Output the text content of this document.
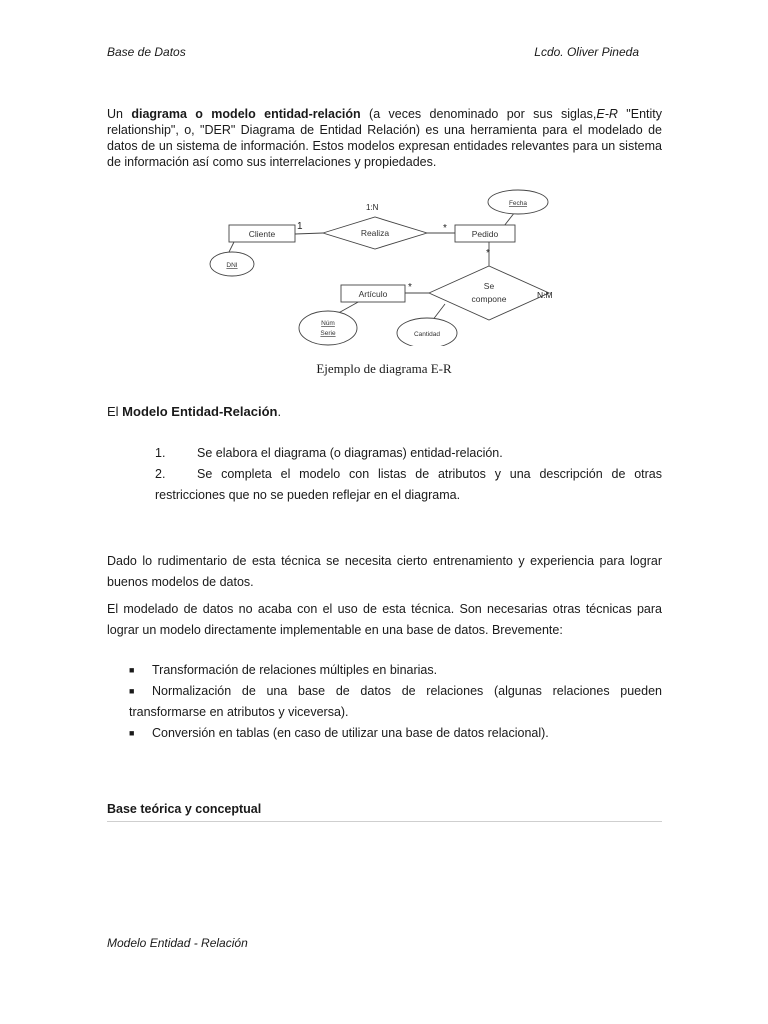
Base de Datos	Lcdo. Oliver Pineda

Un diagrama o modelo entidad-relación (a veces denominado por sus siglas,E-R "Entity relationship", o, "DER" Diagrama de Entidad Relación) es una herramienta para el modelado de datos de un sistema de información. Estos modelos expresan entidades relevantes para un sistema de información así como sus interrelaciones y propiedades.

Cliente	Pedido
Artículo
Realiza
Se
compone
DNI
Fecha
Núm
Serie	Cantidad
1	*
*
*
1:N
N:M
Ejemplo de diagrama E-R

El Modelo Entidad-Relación.

1.	Se elabora el diagrama (o diagramas) entidad-relación.

2.	Se completa el modelo con listas de atributos y una descripción de otras restricciones que no se pueden reflejar en el diagrama.

Dado lo rudimentario de esta técnica se necesita cierto entrenamiento y experiencia para lograr buenos modelos de datos.

El modelado de datos no acaba con el uso de esta técnica. Son necesarias otras técnicas para lograr un modelo directamente implementable en una base de datos. Brevemente:

■ Transformación de relaciones múltiples en binarias.

■ Normalización de una base de datos de relaciones (algunas relaciones pueden transformarse en atributos y viceversa).

■ Conversión en tablas (en caso de utilizar una base de datos relacional).

Base teórica y conceptual
Modelo Entidad - Relación
